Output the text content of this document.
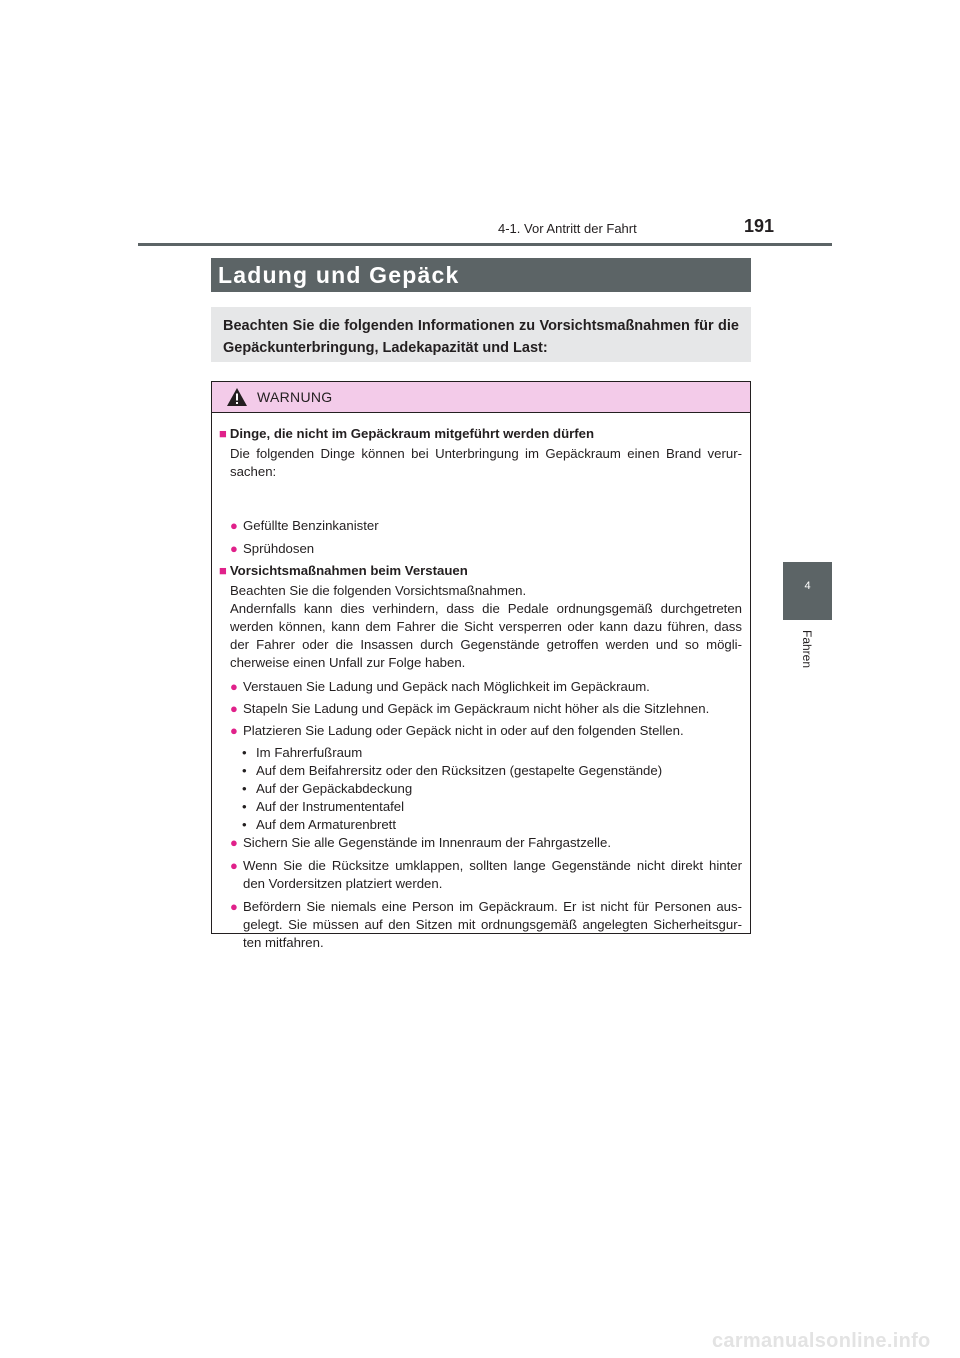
4-1. Vor Antritt der Fahrt	191
4
Fahren
Ladung und Gepäck
Beachten Sie die folgenden Informationen zu Vorsichtsmaßnahmen für die Gepäckunterbringung, Ladekapazität und Last:
WARNUNG
■ Dinge, die nicht im Gepäckraum mitgeführt werden dürfen
Die folgenden Dinge können bei Unterbringung im Gepäckraum einen Brand verur-
sachen:
● Gefüllte Benzinkanister
● Sprühdosen
■ Vorsichtsmaßnahmen beim Verstauen
Beachten Sie die folgenden Vorsichtsmaßnahmen.
Andernfalls kann dies verhindern, dass die Pedale ordnungsgemäß durchgetreten
werden können, kann dem Fahrer die Sicht versperren oder kann dazu führen, dass
der Fahrer oder die Insassen durch Gegenstände getroffen werden und so mögli-
cherweise einen Unfall zur Folge haben.
● Verstauen Sie Ladung und Gepäck nach Möglichkeit im Gepäckraum.
● Stapeln Sie Ladung und Gepäck im Gepäckraum nicht höher als die Sitzlehnen.
● Platzieren Sie Ladung oder Gepäck nicht in oder auf den folgenden Stellen.
• Im Fahrerfußraum
• Auf dem Beifahrersitz oder den Rücksitzen (gestapelte Gegenstände)
• Auf der Gepäckabdeckung
• Auf der Instrumententafel
• Auf dem Armaturenbrett
● Sichern Sie alle Gegenstände im Innenraum der Fahrgastzelle.
● Wenn Sie die Rücksitze umklappen, sollten lange Gegenstände nicht direkt hinter
den Vordersitzen platziert werden.
● Befördern Sie niemals eine Person im Gepäckraum. Er ist nicht für Personen aus-
gelegt. Sie müssen auf den Sitzen mit ordnungsgemäß angelegten Sicherheitsgur-
ten mitfahren.
carmanualsonline.info
